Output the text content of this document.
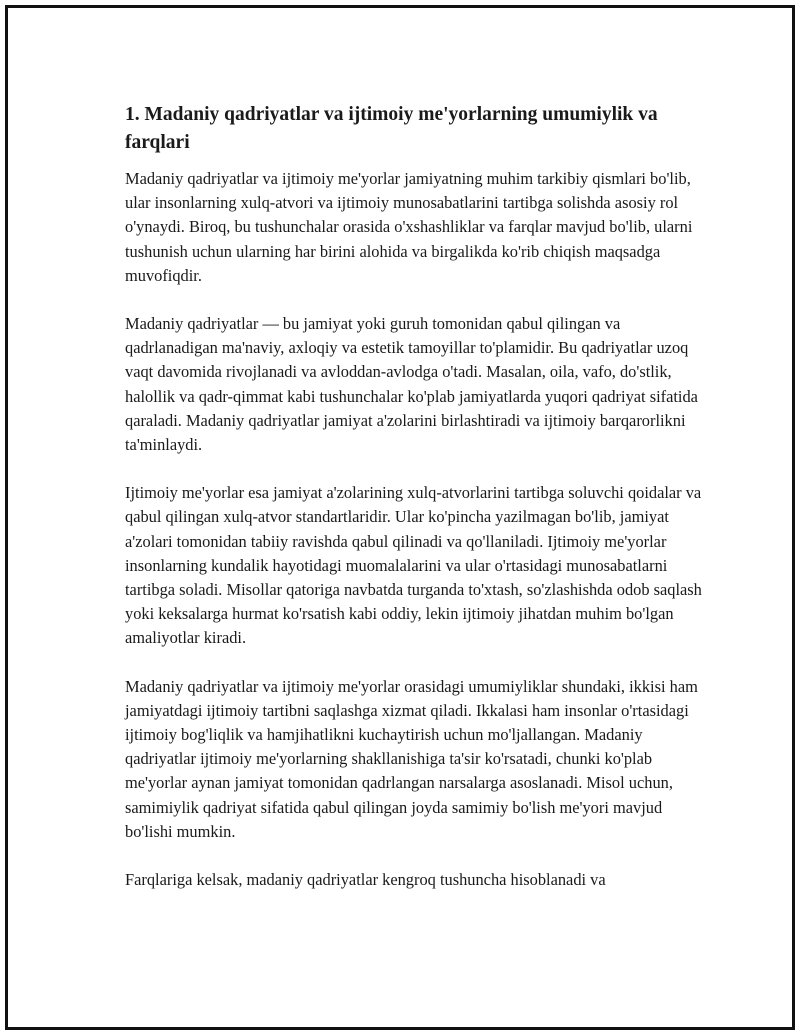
1. Madaniy qadriyatlar va ijtimoiy me'yorlarning umumiylik va farqlari

Madaniy qadriyatlar va ijtimoiy me'yorlar jamiyatning muhim tarkibiy qismlari bo'lib, ular insonlarning xulq-atvori va ijtimoiy munosabatlarini tartibga solishda asosiy rol o'ynaydi. Biroq, bu tushunchalar orasida o'xshashliklar va farqlar mavjud bo'lib, ularni tushunish uchun ularning har birini alohida va birgalikda ko'rib chiqish maqsadga muvofiqdir.

Madaniy qadriyatlar — bu jamiyat yoki guruh tomonidan qabul qilingan va qadrlanadigan ma'naviy, axloqiy va estetik tamoyillar to'plamidir. Bu qadriyatlar uzoq vaqt davomida rivojlanadi va avloddan-avlodga o'tadi. Masalan, oila, vafo, do'stlik, halollik va qadr-qimmat kabi tushunchalar ko'plab jamiyatlarda yuqori qadriyat sifatida qaraladi. Madaniy qadriyatlar jamiyat a'zolarini birlashtiradi va ijtimoiy barqarorlikni ta'minlaydi.

Ijtimoiy me'yorlar esa jamiyat a'zolarining xulq-atvorlarini tartibga soluvchi qoidalar va qabul qilingan xulq-atvor standartlaridir. Ular ko'pincha yazilmagan bo'lib, jamiyat a'zolari tomonidan tabiiy ravishda qabul qilinadi va qo'llaniladi. Ijtimoiy me'yorlar insonlarning kundalik hayotidagi muomalalarini va ular o'rtasidagi munosabatlarni tartibga soladi. Misollar qatoriga navbatda turganda to'xtash, so'zlashishda odob saqlash yoki keksalarga hurmat ko'rsatish kabi oddiy, lekin ijtimoiy jihatdan muhim bo'lgan amaliyotlar kiradi.

Madaniy qadriyatlar va ijtimoiy me'yorlar orasidagi umumiyliklar shundaki, ikkisi ham jamiyatdagi ijtimoiy tartibni saqlashga xizmat qiladi. Ikkalasi ham insonlar o'rtasidagi ijtimoiy bog'liqlik va hamjihatlikni kuchaytirish uchun mo'ljallangan. Madaniy qadriyatlar ijtimoiy me'yorlarning shakllanishiga ta'sir ko'rsatadi, chunki ko'plab me'yorlar aynan jamiyat tomonidan qadrlangan narsalarga asoslanadi. Misol uchun, samimiylik qadriyat sifatida qabul qilingan joyda samimiy bo'lish me'yori mavjud bo'lishi mumkin.

Farqlariga kelsak, madaniy qadriyatlar kengroq tushuncha hisoblanadi va
